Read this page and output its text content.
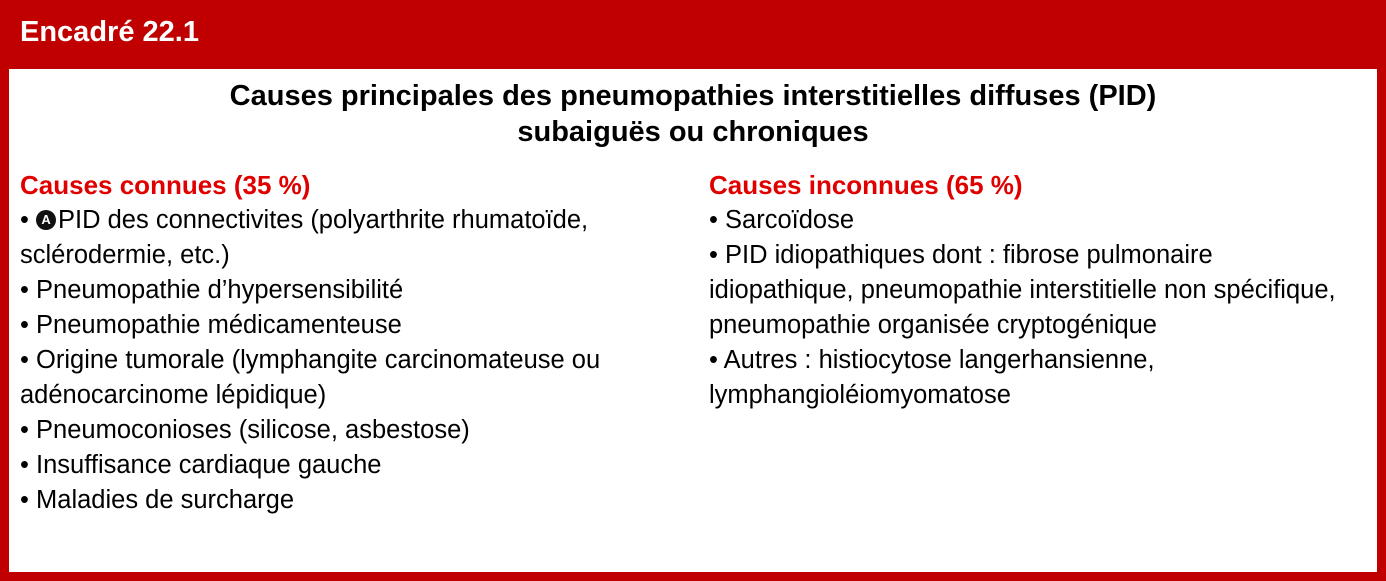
Encadré 22.1
Causes principales des pneumopathies interstitielles diffuses (PID)
subaiguës ou chroniques
Causes connues (35 %)

• A PID des connectivites (polyarthrite rhumatoïde, sclérodermie, etc.)

• Pneumopathie d’hypersensibilité

• Pneumopathie médicamenteuse

• Origine tumorale (lymphangite carcinomateuse ou adénocarcinome lépidique)

• Pneumoconioses (silicose, asbestose)

• Insuffisance cardiaque gauche

• Maladies de surcharge

Causes inconnues (65 %)

• Sarcoïdose

• PID idiopathiques dont : fibrose pulmonaire idiopathique, pneumopathie interstitielle non spécifique, pneumopathie organisée cryptogénique

• Autres : histiocytose langerhansienne, lymphangioléiomyomatose
